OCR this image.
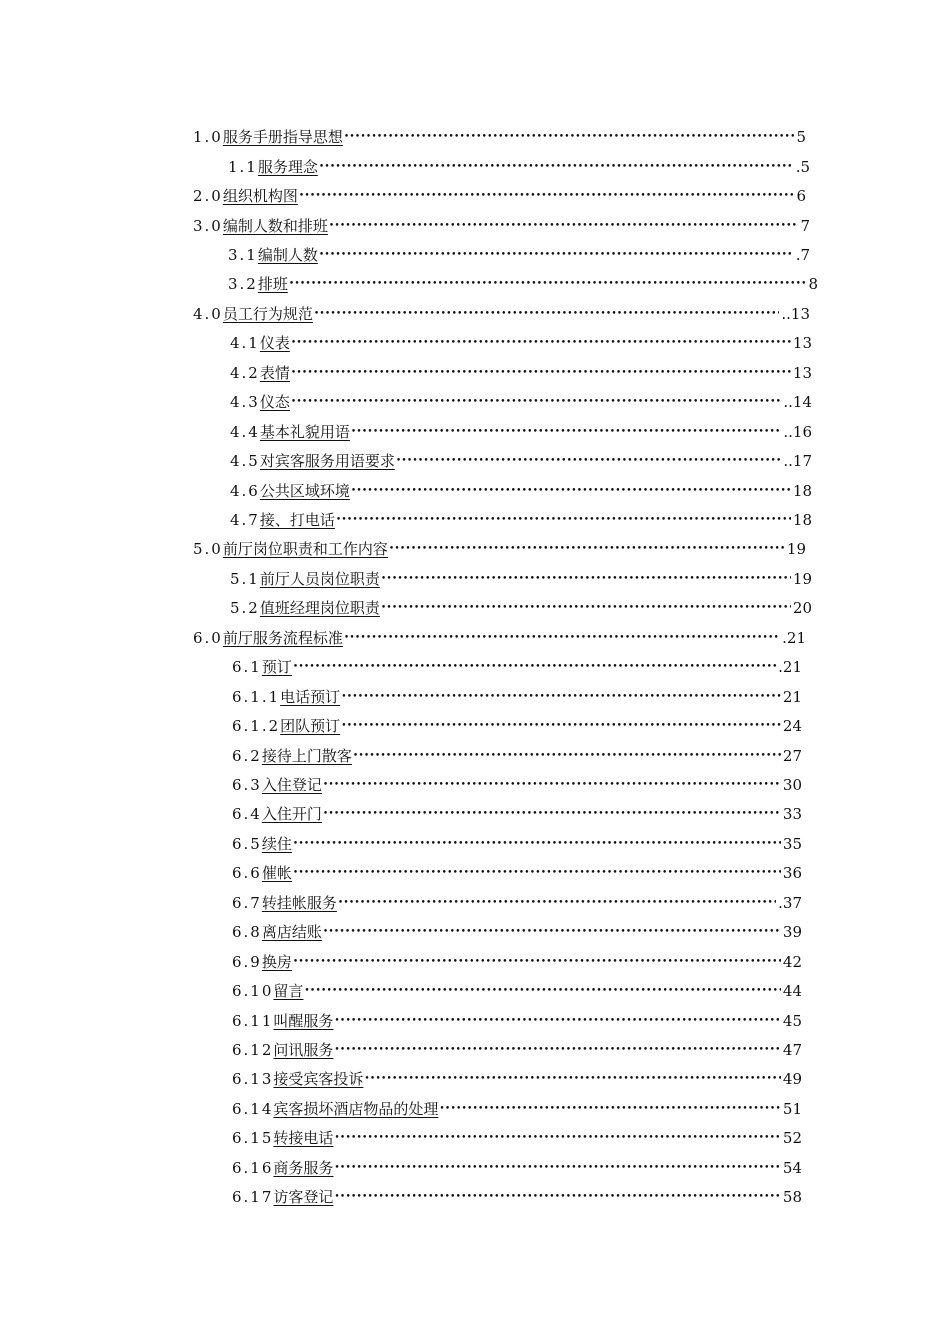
1.0 服务手册指导思想 •••••	5
1.1 服务理念 •••••	.5
2.0 组织机构图 •••••	6
3.0 编制人数和排班 •••••	7
3.1 编制人数 •••••	.7
3.2 排班 •••••	8
4.0 员工行为规范 •••••	..13
4.1 仪表 •••••	13
4.2 表情 •••••	13
4.3 仪态 •••••	..14
4.4 基本礼貌用语 •••••	..16
4.5 对宾客服务用语要求 •••••	..17
4.6 公共区域环境 •••••	18
4.7 接、打电话 •••••	18
5.0 前厅岗位职责和工作内容 •••••	19
5.1 前厅人员岗位职责 •••••	19
5.2 值班经理岗位职责 •••••	20
6.0 前厅服务流程标准 •••••	.21
6.1 预订 •••••	.21
6.1.1 电话预订 •••••	21
6.1.2 团队预订 •••••	24
6.2 接待上门散客 •••••	27
6.3 入住登记 •••••	30
6.4 入住开门 •••••	33
6.5 续住 •••••	35
6.6 催帐 •••••	36
6.7 转挂帐服务 •••••	.37
6.8 离店结账 •••••	39
6.9 换房 •••••	42
6.10 留言 •••••	44
6.11 叫醒服务 •••••	45
6.12 问讯服务 •••••	47
6.13 接受宾客投诉 •••••	49
6.14 宾客损坏酒店物品的处理 •••••	51
6.15 转接电话 •••••	52
6.16 商务服务 •••••	54
6.17 访客登记 •••••	58
